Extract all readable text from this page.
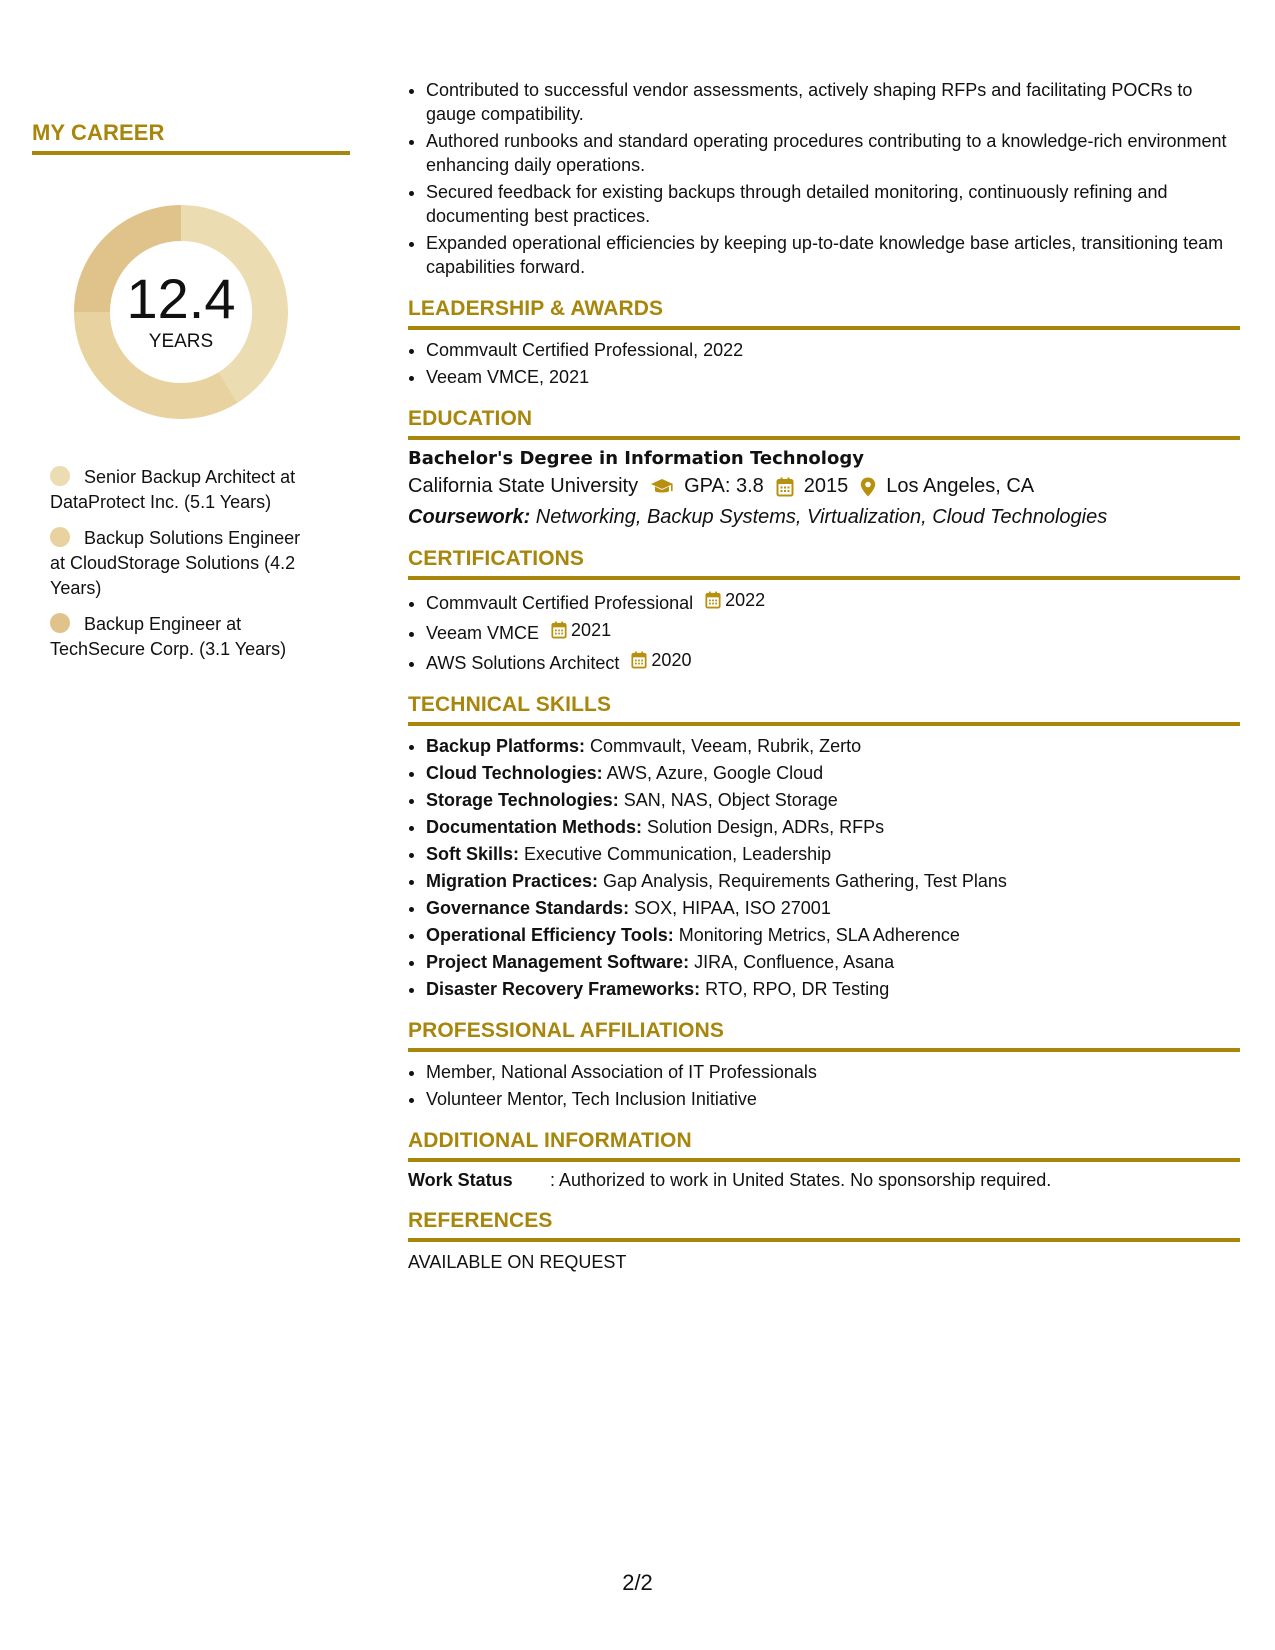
MY CAREER
12.4
YEARS
Senior Backup Architect at DataProtect Inc. (5.1 Years)
Backup Solutions Engineer at CloudStorage Solutions (4.2 Years)
Backup Engineer at TechSecure Corp. (3.1 Years)
• Contributed to successful vendor assessments, actively shaping RFPs and facilitating POCRs to gauge compatibility.
• Authored runbooks and standard operating procedures contributing to a knowledge-rich environment enhancing daily operations.
• Secured feedback for existing backups through detailed monitoring, continuously refining and documenting best practices.
• Expanded operational efficiencies by keeping up-to-date knowledge base articles, transitioning team capabilities forward.
LEADERSHIP & AWARDS
• Commvault Certified Professional, 2022
• Veeam VMCE, 2021
EDUCATION
Bachelor's Degree in Information Technology
California State University GPA: 3.8 2015 Los Angeles, CA
Coursework: Networking, Backup Systems, Virtualization, Cloud Technologies
CERTIFICATIONS
• Commvault Certified Professional 2022
• Veeam VMCE 2021
• AWS Solutions Architect 2020
TECHNICAL SKILLS
• Backup Platforms: Commvault, Veeam, Rubrik, Zerto
• Cloud Technologies: AWS, Azure, Google Cloud
• Storage Technologies: SAN, NAS, Object Storage
• Documentation Methods: Solution Design, ADRs, RFPs
• Soft Skills: Executive Communication, Leadership
• Migration Practices: Gap Analysis, Requirements Gathering, Test Plans
• Governance Standards: SOX, HIPAA, ISO 27001
• Operational Efficiency Tools: Monitoring Metrics, SLA Adherence
• Project Management Software: JIRA, Confluence, Asana
• Disaster Recovery Frameworks: RTO, RPO, DR Testing
PROFESSIONAL AFFILIATIONS
• Member, National Association of IT Professionals
• Volunteer Mentor, Tech Inclusion Initiative
ADDITIONAL INFORMATION
Work Status	: Authorized to work in United States. No sponsorship required.
REFERENCES
AVAILABLE ON REQUEST
2/2
